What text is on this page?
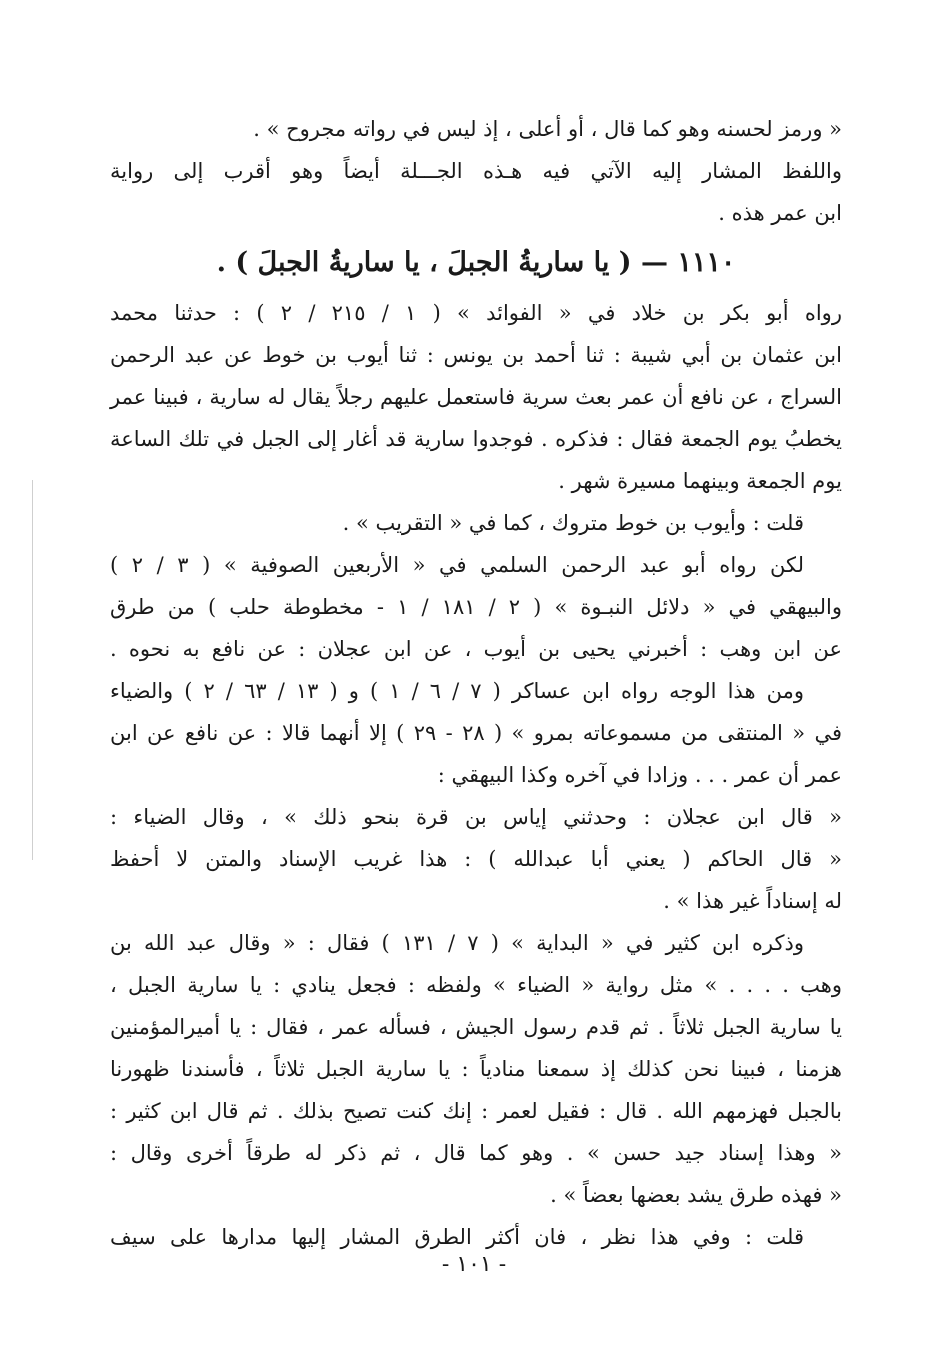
« ورمز لحسنه وهو كما قال ، أو أعلى ، إذ ليس في رواته مجروح » .
واللفظ المشار إليه الآتي فيه هـذه الجـــلة أيضاً وهو أقرب إلى رواية
ابن عمر هذه .
١١١٠ — ( يا ساريةُ الجبلَ ، يا ساريةُ الجبلَ ) .
رواه أبو بكر بن خلاد في « الفوائد » ( ١ / ٢١٥ / ٢ ) : حدثنا محمد
ابن عثمان بن أبي شيبة : ثنا أحمد بن يونس : ثنا أيوب بن خوط عن عبد الرحمن
السراج ، عن نافع أن عمر بعث سرية فاستعمل عليهم رجلاً يقال له سارية ، فبينا عمر
يخطبُ يوم الجمعة فقال : فذكره . فوجدوا سارية قد أغار إلى الجبل في تلك الساعة
يوم الجمعة وبينهما مسيرة شهر .
قلت : وأيوب بن خوط متروك ، كما في « التقريب » .
لكن رواه أبو عبد الرحمن السلمي في « الأربعين الصوفية » ( ٣ / ٢ )
والبيهقي في « دلائل النبـوة » ( ٢ / ١٨١ / ١ - مخطوطة حلب ) من طرق
عن ابن وهب : أخبرني يحيى بن أيوب ، عن ابن عجلان : عن نافع به نحوه .
ومن هذا الوجه رواه ابن عساكر ( ٧ / ٦ / ١ ) و ( ١٣ / ٦٣ / ٢ ) والضياء
في « المنتقى من مسموعاته بمرو » ( ٢٨ - ٢٩ ) إلا أنهما قالا : عن نافع عن ابن
عمر أن عمر . . . وزادا في آخره وكذا البيهقي :
« قال ابن عجلان : وحدثني إياس بن قرة بنحو ذلك » ، وقال الضياء :
« قال الحاكم ( يعني أبا عبدالله ) : هذا غريب الإسناد والمتن لا أحفظ
له إسناداً غير هذا » .
وذكره ابن كثير في « البداية » ( ٧ / ١٣١ ) فقال : « وقال عبد الله بن
وهب . . . . » مثل رواية « الضياء » ولفظه : فجعل ينادي : يا سارية الجبل ،
يا سارية الجبل ثلاثاً . ثم قدم رسول الجيش ، فسأله عمر ، فقال : يا أميرالمؤمنين
هزمنا ، فبينا نحن كذلك إذ سمعنا منادياً : يا سارية الجبل ثلاثاً ، فأسندنا ظهورنا
بالجبل فهزمهم الله . قال : فقيل لعمر : إنك كنت تصيح بذلك . ثم قال ابن كثير :
« وهذا إسناد جيد حسن » . وهو كما قال ، ثم ذكر له طرقاً أخرى وقال :
« فهذه طرق يشد بعضها بعضاً » .
قلت : وفي هذا نظر ، فان أكثر الطرق المشار إليها مدارها على سيف
- ١٠١ -
